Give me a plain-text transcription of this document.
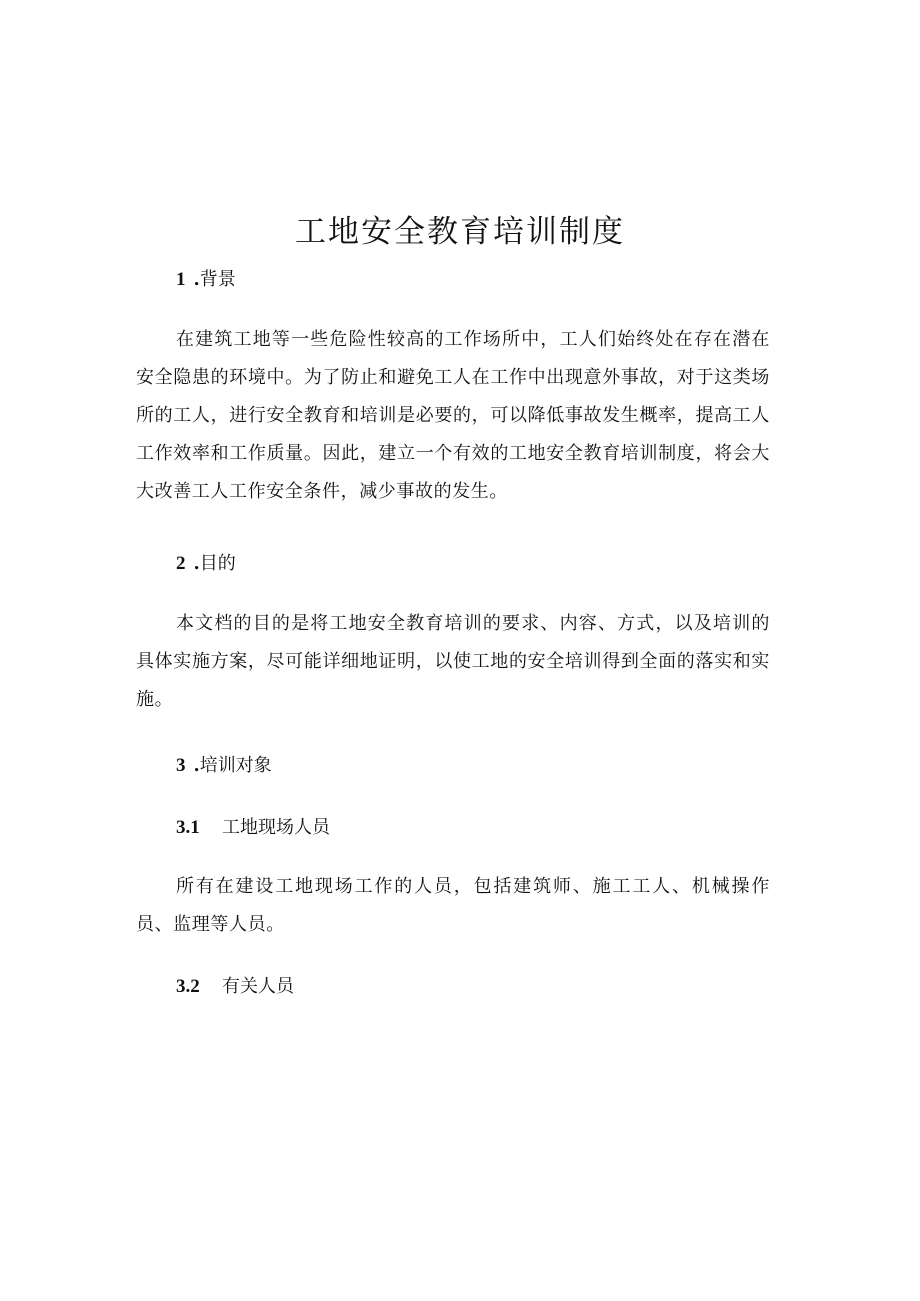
工地安全教育培训制度
1 .背景

在建筑工地等一些危险性较高的工作场所中，工人们始终处在存在潜在安全隐患的环境中。为了防止和避免工人在工作中出现意外事故，对于这类场所的工人，进行安全教育和培训是必要的，可以降低事故发生概率，提高工人工作效率和工作质量。因此，建立一个有效的工地安全教育培训制度，将会大大改善工人工作安全条件，减少事故的发生。

2 .目的

本文档的目的是将工地安全教育培训的要求、内容、方式，以及培训的具体实施方案，尽可能详细地证明，以使工地的安全培训得到全面的落实和实施。

3 .培训对象
3.1 工地现场人员

所有在建设工地现场工作的人员，包括建筑师、施工工人、机械操作员、监理等人员。

3.2 有关人员
